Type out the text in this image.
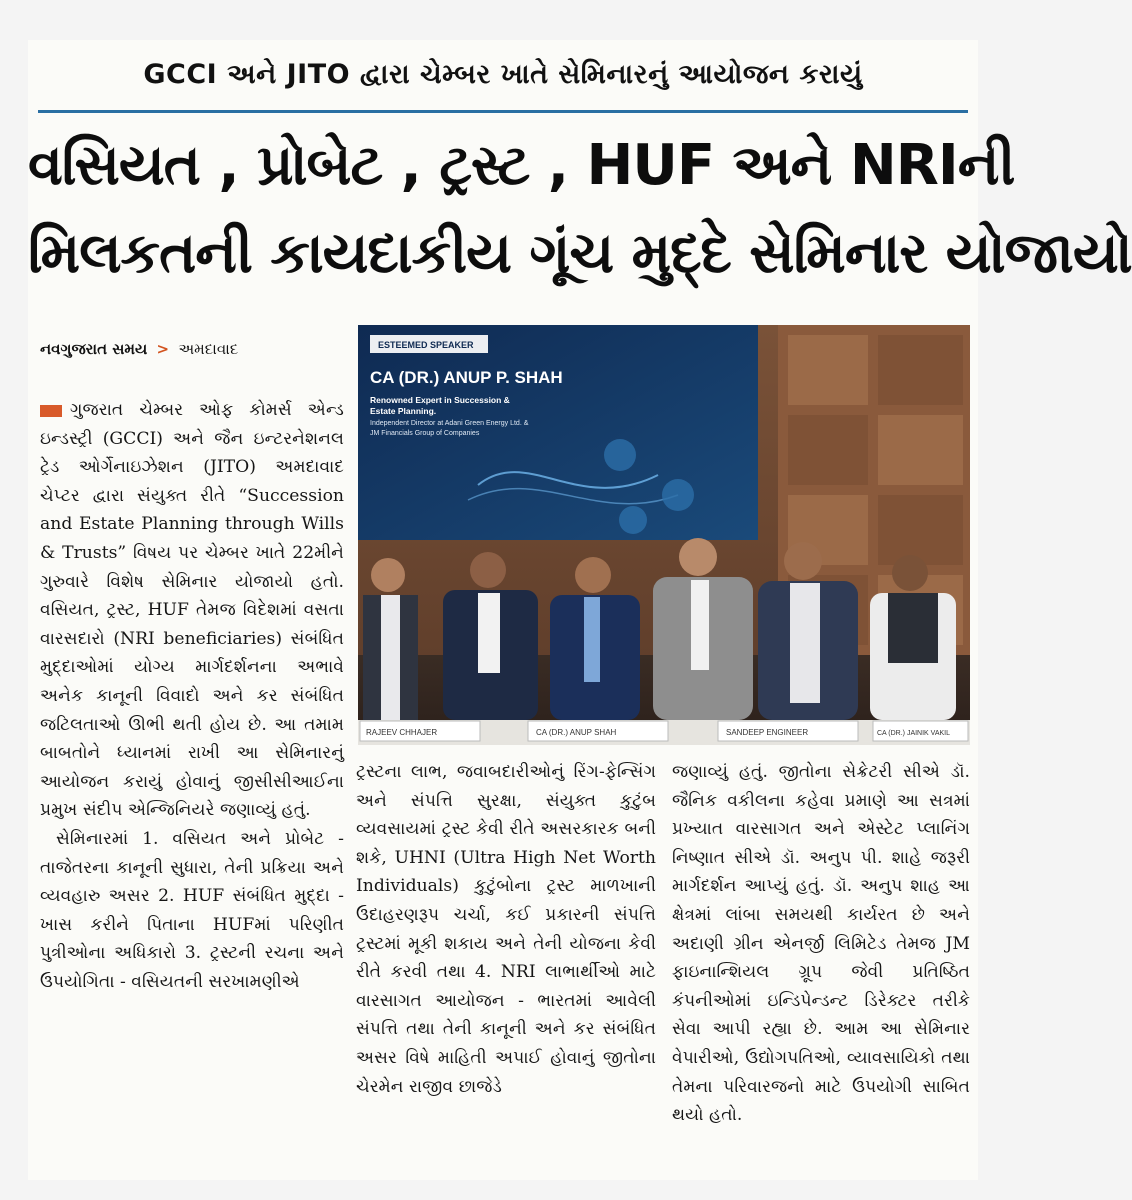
GCCI અને JITO દ્વારા ચેમ્બર ખાતે સેમિનારનું આયોજન કરાયું
વસિયત , પ્રોબેટ , ટ્રસ્ટ , HUF અને NRIની
મિલકતની કાયદાકીય ગૂંચ મુદ્દે સેમિનાર યોજાયો
નવગુજરાત સમય > અમદાવાદ	ESTEEMED SPEAKER
CA (DR.) ANUP P. SHAH
Renowned Expert in Succession &
Estate Planning.
Independent Director at Adani Green Energy Ltd. &
JM Financials Group of Companies
RAJEEV CHHAJER	CA (DR.) ANUP SHAH	SANDEEP ENGINEER	CA (DR.) JAINIK VAKIL

ગુજરાત ચેમ્બર ઓફ કોમર્સ એન્ડ ઇન્ડસ્ટ્રી (GCCI) અને જૈન ઇન્ટરનેશનલ ટ્રેડ ઓર્ગેનાઇઝેશન (JITO) અમદાવાદ ચેપ્ટર દ્વારા સંયુક્ત રીતે “Succession and Estate Planning through Wills & Trusts” વિષય પર ચેમ્બર ખાતે 22મીને ગુરુવારે વિશેષ સેમિનાર યોજાયો હતો. વસિયત, ટ્રસ્ટ, HUF તેમજ વિદેશમાં વસતા વારસદારો (NRI beneficiaries) સંબંધિત મુદ્દાઓમાં યોગ્ય માર્ગદર્શનના અભાવે અનેક કાનૂની વિવાદો અને કર સંબંધિત જટિલતાઓ ઊભી થતી હોય છે. આ તમામ બાબતોને ધ્યાનમાં રાખી આ સેમિનારનું આયોજન કરાયું હોવાનું જીસીસીઆઈના પ્રમુખ સંદીપ એન્જિનિયરે જણાવ્યું હતું.

સેમિનારમાં 1. વસિયત અને પ્રોબેટ - તાજેતરના કાનૂની સુધારા, તેની પ્રક્રિયા અને વ્યવહારુ અસર 2. HUF સંબંધિત મુદ્દા - ખાસ કરીને પિતાના HUFમાં પરિણીત પુત્રીઓના અધિકારો 3. ટ્રસ્ટની રચના અને ઉપયોગિતા - વસિયતની સરખામણીએ

ટ્રસ્ટના લાભ, જવાબદારીઓનું રિંગ-ફેન્સિંગ અને સંપત્તિ સુરક્ષા, સંયુક્ત કુટુંબ વ્યવસાયમાં ટ્રસ્ટ કેવી રીતે અસરકારક બની શકે, UHNI (Ultra High Net Worth Individuals) કુટુંબોના ટ્રસ્ટ માળખાની ઉદાહરણરૂપ ચર્ચા, કઈ પ્રકારની સંપત્તિ ટ્રસ્ટમાં મૂકી શકાય અને તેની યોજના કેવી રીતે કરવી તથા 4. NRI લાભાર્થીઓ માટે વારસાગત આયોજન - ભારતમાં આવેલી સંપત્તિ તથા તેની કાનૂની અને કર સંબંધિત અસર વિષે માહિતી અપાઈ હોવાનું જીતોના ચેરમેન રાજીવ છાજેડે

જણાવ્યું હતું. જીતોના સેક્રેટરી સીએ ડૉ. જૈનિક વકીલના કહેવા પ્રમાણે આ સત્રમાં પ્રખ્યાત વારસાગત અને એસ્ટેટ પ્લાનિંગ નિષ્ણાત સીએ ડૉ. અનુપ પી. શાહે જરૂરી માર્ગદર્શન આપ્યું હતું. ડૉ. અનુપ શાહ આ ક્ષેત્રમાં લાંબા સમયથી કાર્યરત છે અને અદાણી ગ્રીન એનર્જી લિમિટેડ તેમજ JM ફાઇનાન્શિયલ ગ્રૂપ જેવી પ્રતિષ્ઠિત કંપનીઓમાં ઇન્ડિપેન્ડન્ટ ડિરેક્ટર તરીકે સેવા આપી રહ્યા છે. આમ આ સેમિનાર વેપારીઓ, ઉદ્યોગપતિઓ, વ્યાવસાયિકો તથા તેમના પરિવારજનો માટે ઉપયોગી સાબિત થયો હતો.
